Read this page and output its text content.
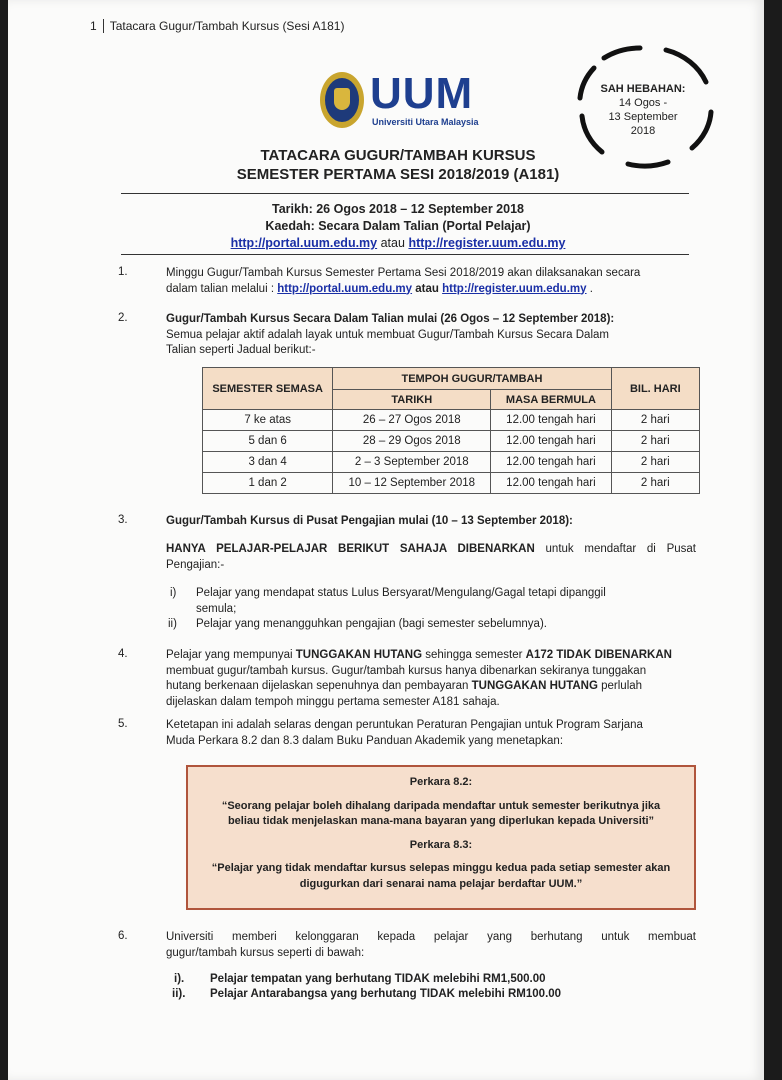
1 Tatacara Gugur/Tambah Kursus (Sesi A181)
UUM
Universiti Utara Malaysia
SAH HEBAHAN:
14 Ogos -
13 September
2018
TATACARA GUGUR/TAMBAH KURSUS
SEMESTER PERTAMA SESI 2018/2019 (A181)
Tarikh: 26 Ogos 2018 – 12 September 2018
Kaedah: Secara Dalam Talian (Portal Pelajar)
http://portal.uum.edu.my atau http://register.uum.edu.my
1.	Minggu Gugur/Tambah Kursus Semester Pertama Sesi 2018/2019 akan dilaksanakan secara
dalam talian melalui : http://portal.uum.edu.my atau http://register.uum.edu.my .
2.	Gugur/Tambah Kursus Secara Dalam Talian mulai (26 Ogos – 12 September 2018):
Semua pelajar aktif adalah layak untuk membuat Gugur/Tambah Kursus Secara Dalam
Talian seperti Jadual berikut:-
SEMESTER SEMASA	TEMPOH GUGUR/TAMBAH		BIL. HARI
	TARIKH	MASA BERMULA	
7 ke atas	26 – 27 Ogos 2018	12.00 tengah hari	2 hari
5 dan 6	28 – 29 Ogos 2018	12.00 tengah hari	2 hari
3 dan 4	2 – 3 September 2018	12.00 tengah hari	2 hari
1 dan 2	10 – 12 September 2018	12.00 tengah hari	2 hari
3.	Gugur/Tambah Kursus di Pusat Pengajian mulai (10 – 13 September 2018):
HANYA PELAJAR-PELAJAR BERIKUT SAHAJA DIBENARKAN untuk mendaftar di Pusat Pengajian:-
i) Pelajar yang mendapat status Lulus Bersyarat/Mengulang/Gagal tetapi dipanggil
semula;
ii) Pelajar yang menangguhkan pengajian (bagi semester sebelumnya).
4.	Pelajar yang mempunyai TUNGGAKAN HUTANG sehingga semester A172 TIDAK DIBENARKAN
membuat gugur/tambah kursus. Gugur/tambah kursus hanya dibenarkan sekiranya tunggakan
hutang berkenaan dijelaskan sepenuhnya dan pembayaran TUNGGAKAN HUTANG perlulah
dijelaskan dalam tempoh minggu pertama semester A181 sahaja.
5.	Ketetapan ini adalah selaras dengan peruntukan Peraturan Pengajian untuk Program Sarjana
Muda Perkara 8.2 dan 8.3 dalam Buku Panduan Akademik yang menetapkan:
Perkara 8.2:
“Seorang pelajar boleh dihalang daripada mendaftar untuk semester berikutnya jika
beliau tidak menjelaskan mana-mana bayaran yang diperlukan kepada Universiti”
Perkara 8.3:
“Pelajar yang tidak mendaftar kursus selepas minggu kedua pada setiap semester akan
digugurkan dari senarai nama pelajar berdaftar UUM.”
6.	Universiti memberi kelonggaran kepada pelajar yang berhutang untuk membuat
gugur/tambah kursus seperti di bawah:
i). Pelajar tempatan yang berhutang TIDAK melebihi RM1,500.00
ii). Pelajar Antarabangsa yang berhutang TIDAK melebihi RM100.00
